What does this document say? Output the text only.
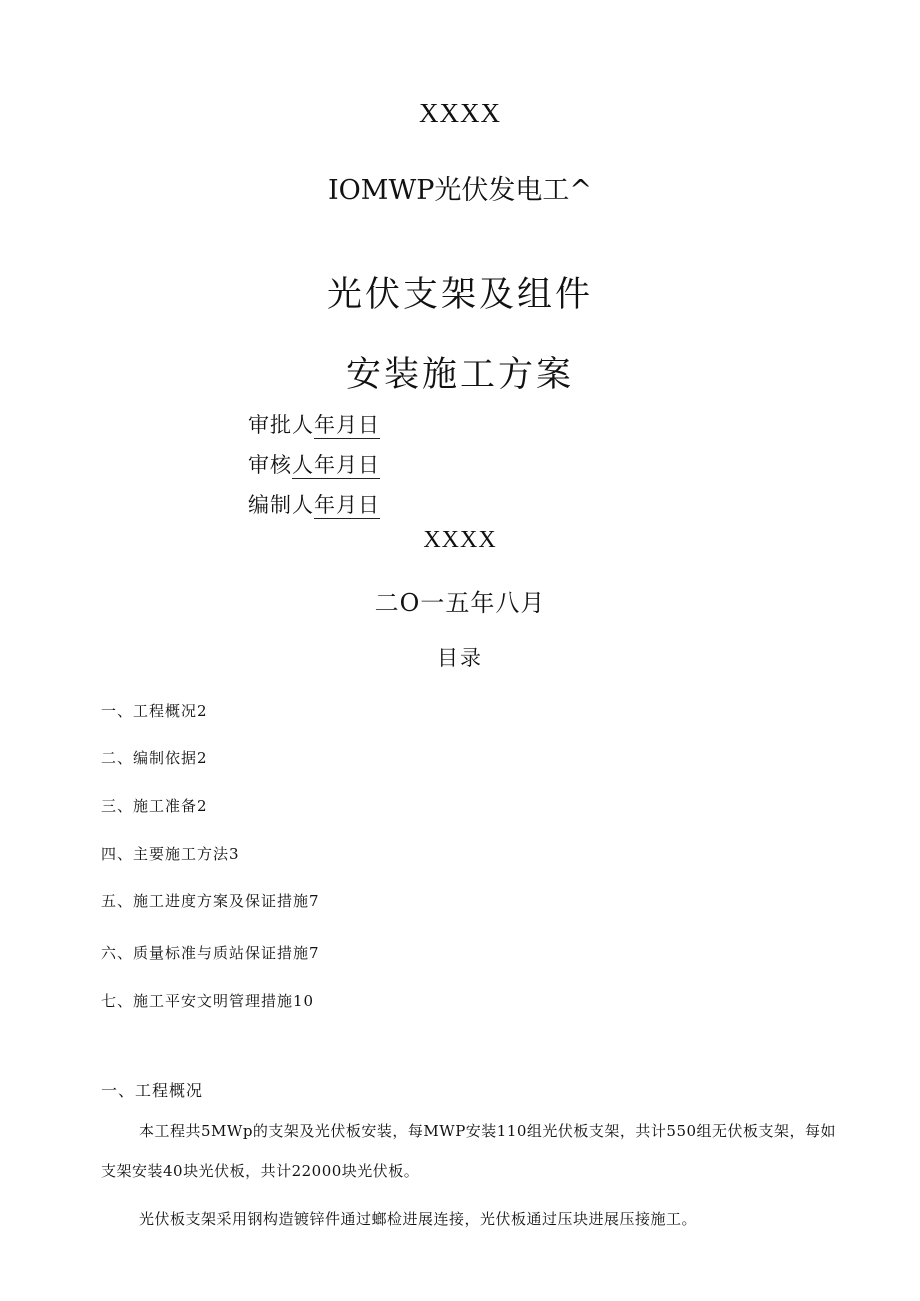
XXXX
IOMWP光伏发电工^
光伏支架及组件
安装施工方案
审批人年月日
审核人年月日
编制人年月日
XXXX
二O一五年八月
目录
一、工程概况2
二、编制依据2
三、施工准备2
四、主要施工方法3
五、施工进度方案及保证措施7
六、质量标准与质站保证措施7
七、施工平安文明管理措施10
一、工程概况
本工程共5MWp的支架及光伏板安装，每MWP安装110组光伏板支架，共计550组无伏板支架，每如
支架安装40块光伏板，共计22000块光伏板。
光伏板支架采用钢构造镀锌件通过螂检进展连接，光伏板通过压块进展压接施工。
